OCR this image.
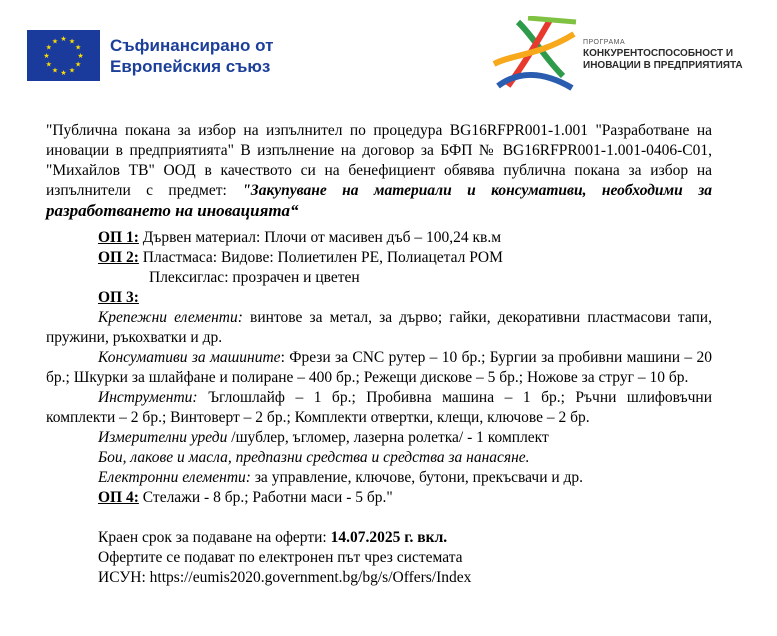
★ ★
★
★
★
★
★
★
★
★
★
★	Съфинансирано от
Европейския съюз
ПРОГРАМА
КОНКУРЕНТОСПОСОБНОСТ И
ИНОВАЦИИ В ПРЕДПРИЯТИЯТА

"Публична покана за избор на изпълнител по процедура BG16RFPR001-1.001 "Разработване на иновации в предприятията" В изпълнение на договор за БФП № BG16RFPR001-1.001-0406-C01, "Михайлов ТВ" ООД в качеството си на бенефициент обявява публична покана за избор на изпълнители с предмет: "Закупуване на материали и консумативи, необходими за разработването на иновацията“

ОП 1: Дървен материал: Плочи от масивен дъб – 100,24 кв.м
ОП 2: Пластмаса: Видове: Полиетилен PE, Полиацетал POM
Плексиглас: прозрачен и цветен
ОП 3:
Крепежни елементи: винтове за метал, за дърво; гайки, декоративни пластмасови тапи, пружини, ръкохватки и др.
Консумативи за машините: Фрези за CNC рутер – 10 бр.; Бургии за пробивни машини – 20 бр.; Шкурки за шлайфане и полиране – 400 бр.; Режещи дискове – 5 бр.; Ножове за струг – 10 бр.
Инструменти: Ъглошлайф – 1 бр.; Пробивна машина – 1 бр.; Ръчни шлифовъчни комплекти – 2 бр.; Винтоверт – 2 бр.; Комплекти отвертки, клещи, ключове – 2 бр.
Измерителни уреди /шублер, ъгломер, лазерна ролетка/ - 1 комплект
Бои, лакове и масла, предпазни средства и средства за нанасяне.
Електронни елементи: за управление, ключове, бутони, прекъсвачи и др.
ОП 4: Стелажи - 8 бр.; Работни маси - 5 бр."
Краен срок за подаване на оферти: 14.07.2025 г. вкл.
Офертите се подават по електронен път чрез системата
ИСУН: https://eumis2020.government.bg/bg/s/Offers/Index
